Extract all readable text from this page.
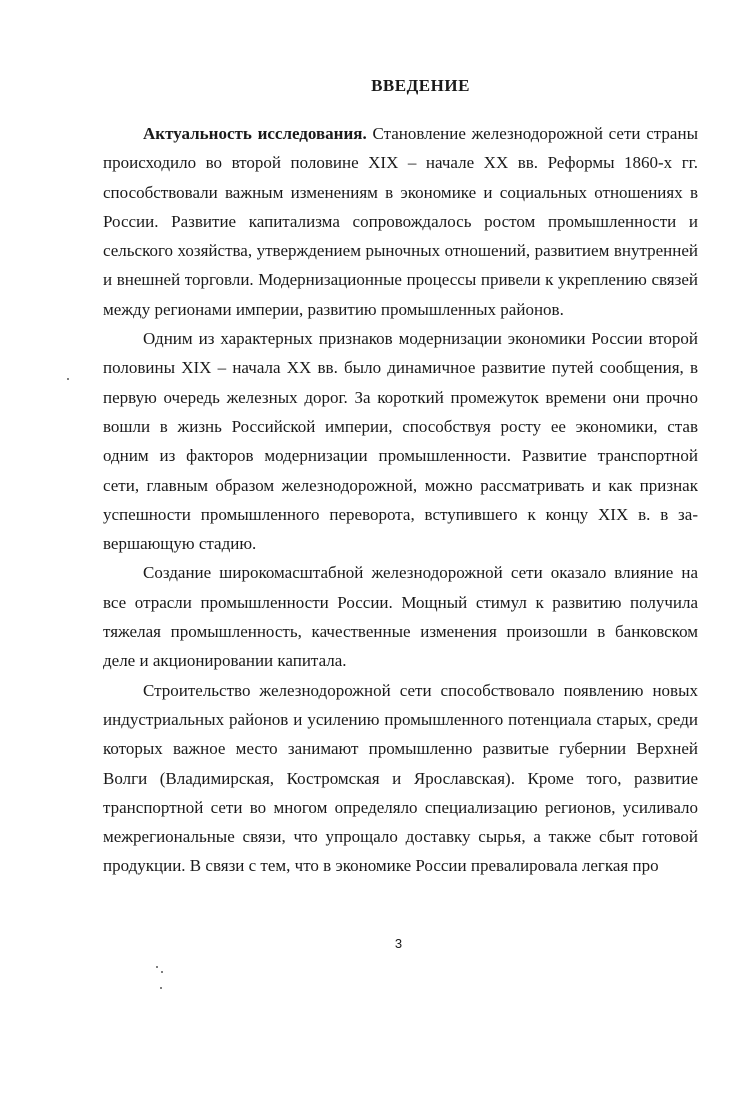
ВВЕДЕНИЕ

Актуальность исследования. Становление железнодорожной сети страны происходило во второй половине XIX – начале XX вв. Реформы 1860-х гг. способствовали важным изменениям в экономике и социальных отношениях в России. Развитие капитализма сопровождалось ростом промышленности и сельского хозяйства, утверждением рыночных отношений, развитием внутренней и внешней торговли. Модернизационные процессы привели к укреплению связей между регионами империи, развитию промышленных районов.

Одним из характерных признаков модернизации экономики России второй половины XIX – начала XX вв. было динамичное развитие путей сообщения, в первую очередь железных дорог. За короткий промежуток времени они прочно вошли в жизнь Российской империи, способствуя росту ее экономики, став одним из факторов модернизации промышленности. Развитие транспортной сети, главным образом железнодорожной, можно рассматривать и как признак успешности промышленного переворота, вступившего к концу XIX в. в завершающую стадию.

Создание широкомасштабной железнодорожной сети оказало влияние на все отрасли промышленности России. Мощный стимул к развитию получила тяжелая промышленность, качественные изменения произошли в банковском деле и акционировании капитала.

Строительство железнодорожной сети способствовало появлению новых индустриальных районов и усилению промышленного потенциала старых, среди которых важное место занимают промышленно развитые губернии Верхней Волги (Владимирская, Костромская и Ярославская). Кроме того, развитие транспортной сети во многом определяло специализацию регионов, усиливало межрегиональные связи, что упрощало доставку сырья, а также сбыт готовой продукции. В связи с тем, что в экономике России превалировала легкая про

3
